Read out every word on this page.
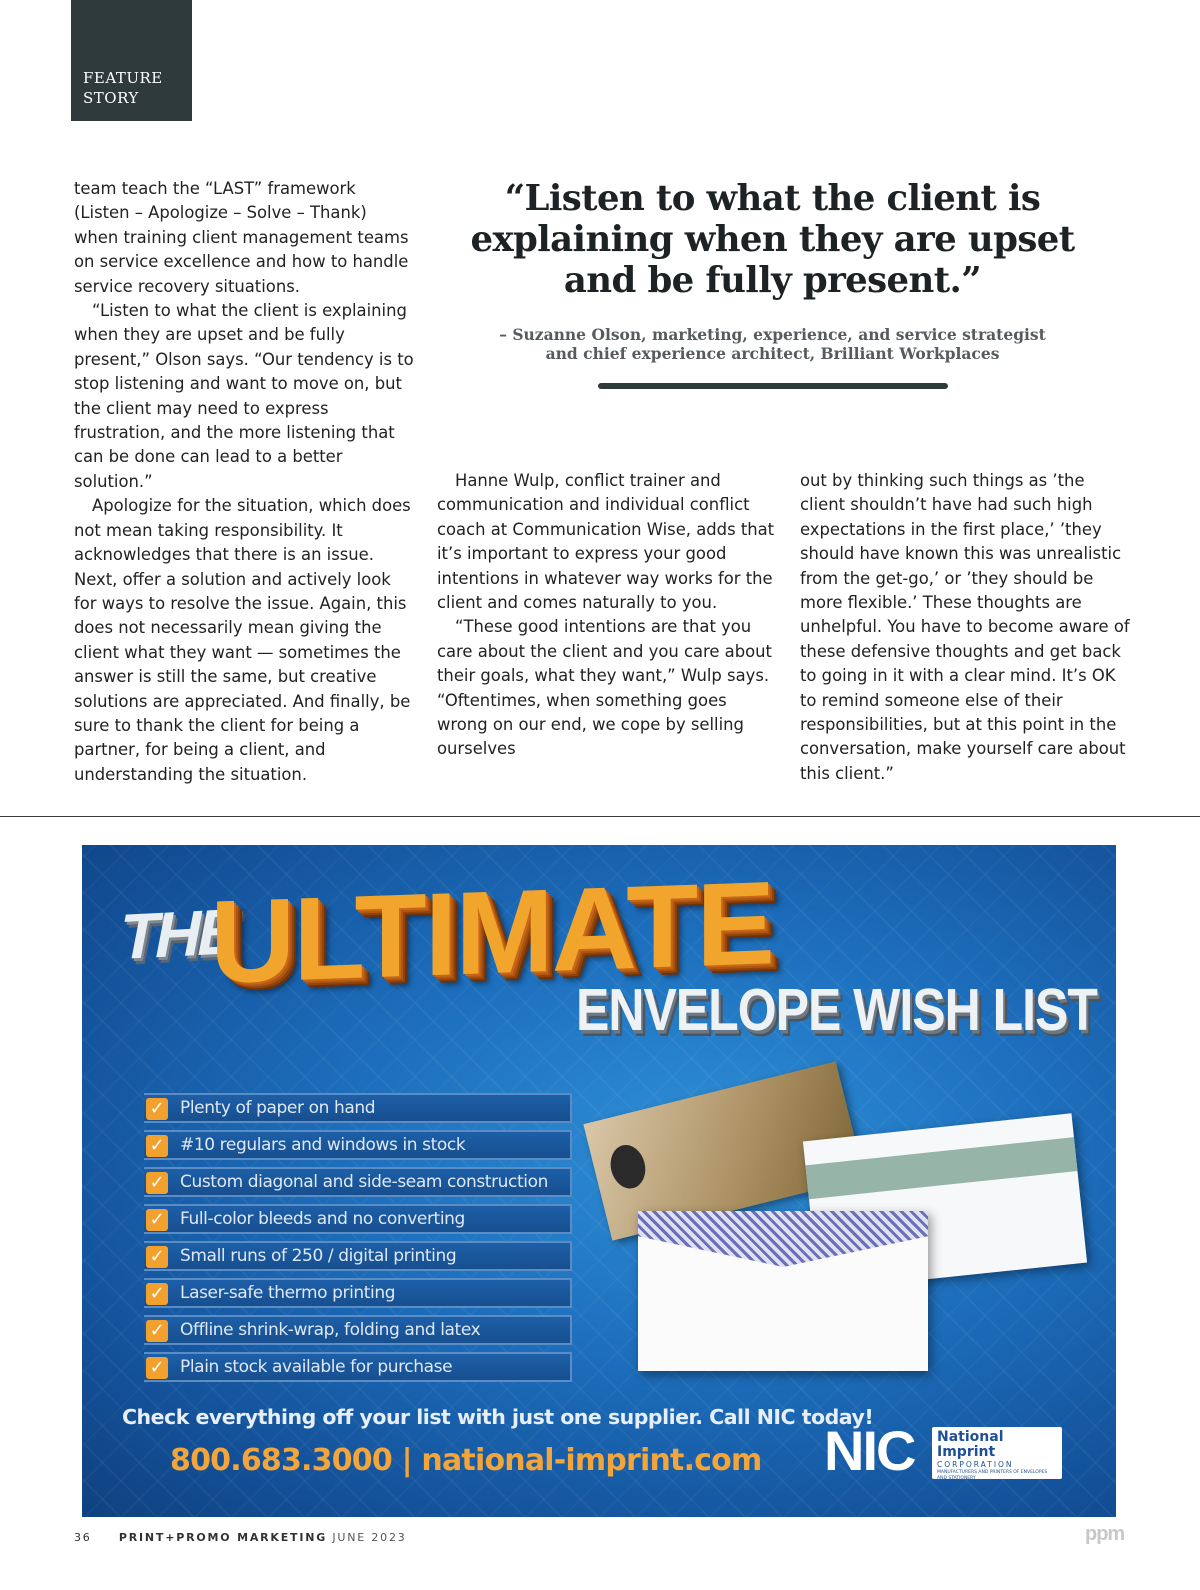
FEATURE
STORY

team teach the “LAST” framework (Listen – Apologize – Solve – Thank) when training client management teams on service excellence and how to handle service recovery situations.

“Listen to what the client is explaining when they are upset and be fully present,” Olson says. “Our tendency is to stop listening and want to move on, but the client may need to express frustration, and the more listening that can be done can lead to a better solution.”

Apologize for the situation, which does not mean taking responsibility. It acknowledges that there is an issue. Next, offer a solution and actively look for ways to resolve the issue. Again, this does not necessarily mean giving the client what they want — sometimes the answer is still the same, but creative solutions are appreciated. And finally, be sure to thank the client for being a partner, for being a client, and understanding the situation.

“Listen to what the client is explaining when they are upset and be fully present.”
– Suzanne Olson, marketing, experience, and service strategist and chief experience architect, Brilliant Workplaces

Hanne Wulp, conflict trainer and communication and individual conflict coach at Communication Wise, adds that it’s important to express your good intentions in whatever way works for the client and comes naturally to you.

“These good intentions are that you care about the client and you care about their goals, what they want,” Wulp says. “Oftentimes, when something goes wrong on our end, we cope by selling ourselves

out by thinking such things as ’the client shouldn’t have had such high expectations in the first place,’ ’they should have known this was unrealistic from the get-go,’ or ’they should be more flexible.’ These thoughts are unhelpful. You have to become aware of these defensive thoughts and get back to going in it with a clear mind. It’s OK to remind someone else of their responsibilities, but at this point in the conversation, make yourself care about this client.”

THE
ULTIMATE
ENVELOPE WISH LIST
✓ Plenty of paper on hand
✓ #10 regulars and windows in stock
✓ Custom diagonal and side-seam construction
✓ Full-color bleeds and no converting
✓ Small runs of 250 / digital printing
✓ Laser-safe thermo printing
✓ Offline shrink-wrap, folding and latex
✓ Plain stock available for purchase
Check everything off your list with just one supplier. Call NIC today!
800.683.3000 | national-imprint.com NIC National Imprint
CORPORATION
MANUFACTURERS AND PRINTERS OF ENVELOPES AND STATIONERY
36 PRINT+PROMO MARKETING JUNE 2023	ppm
